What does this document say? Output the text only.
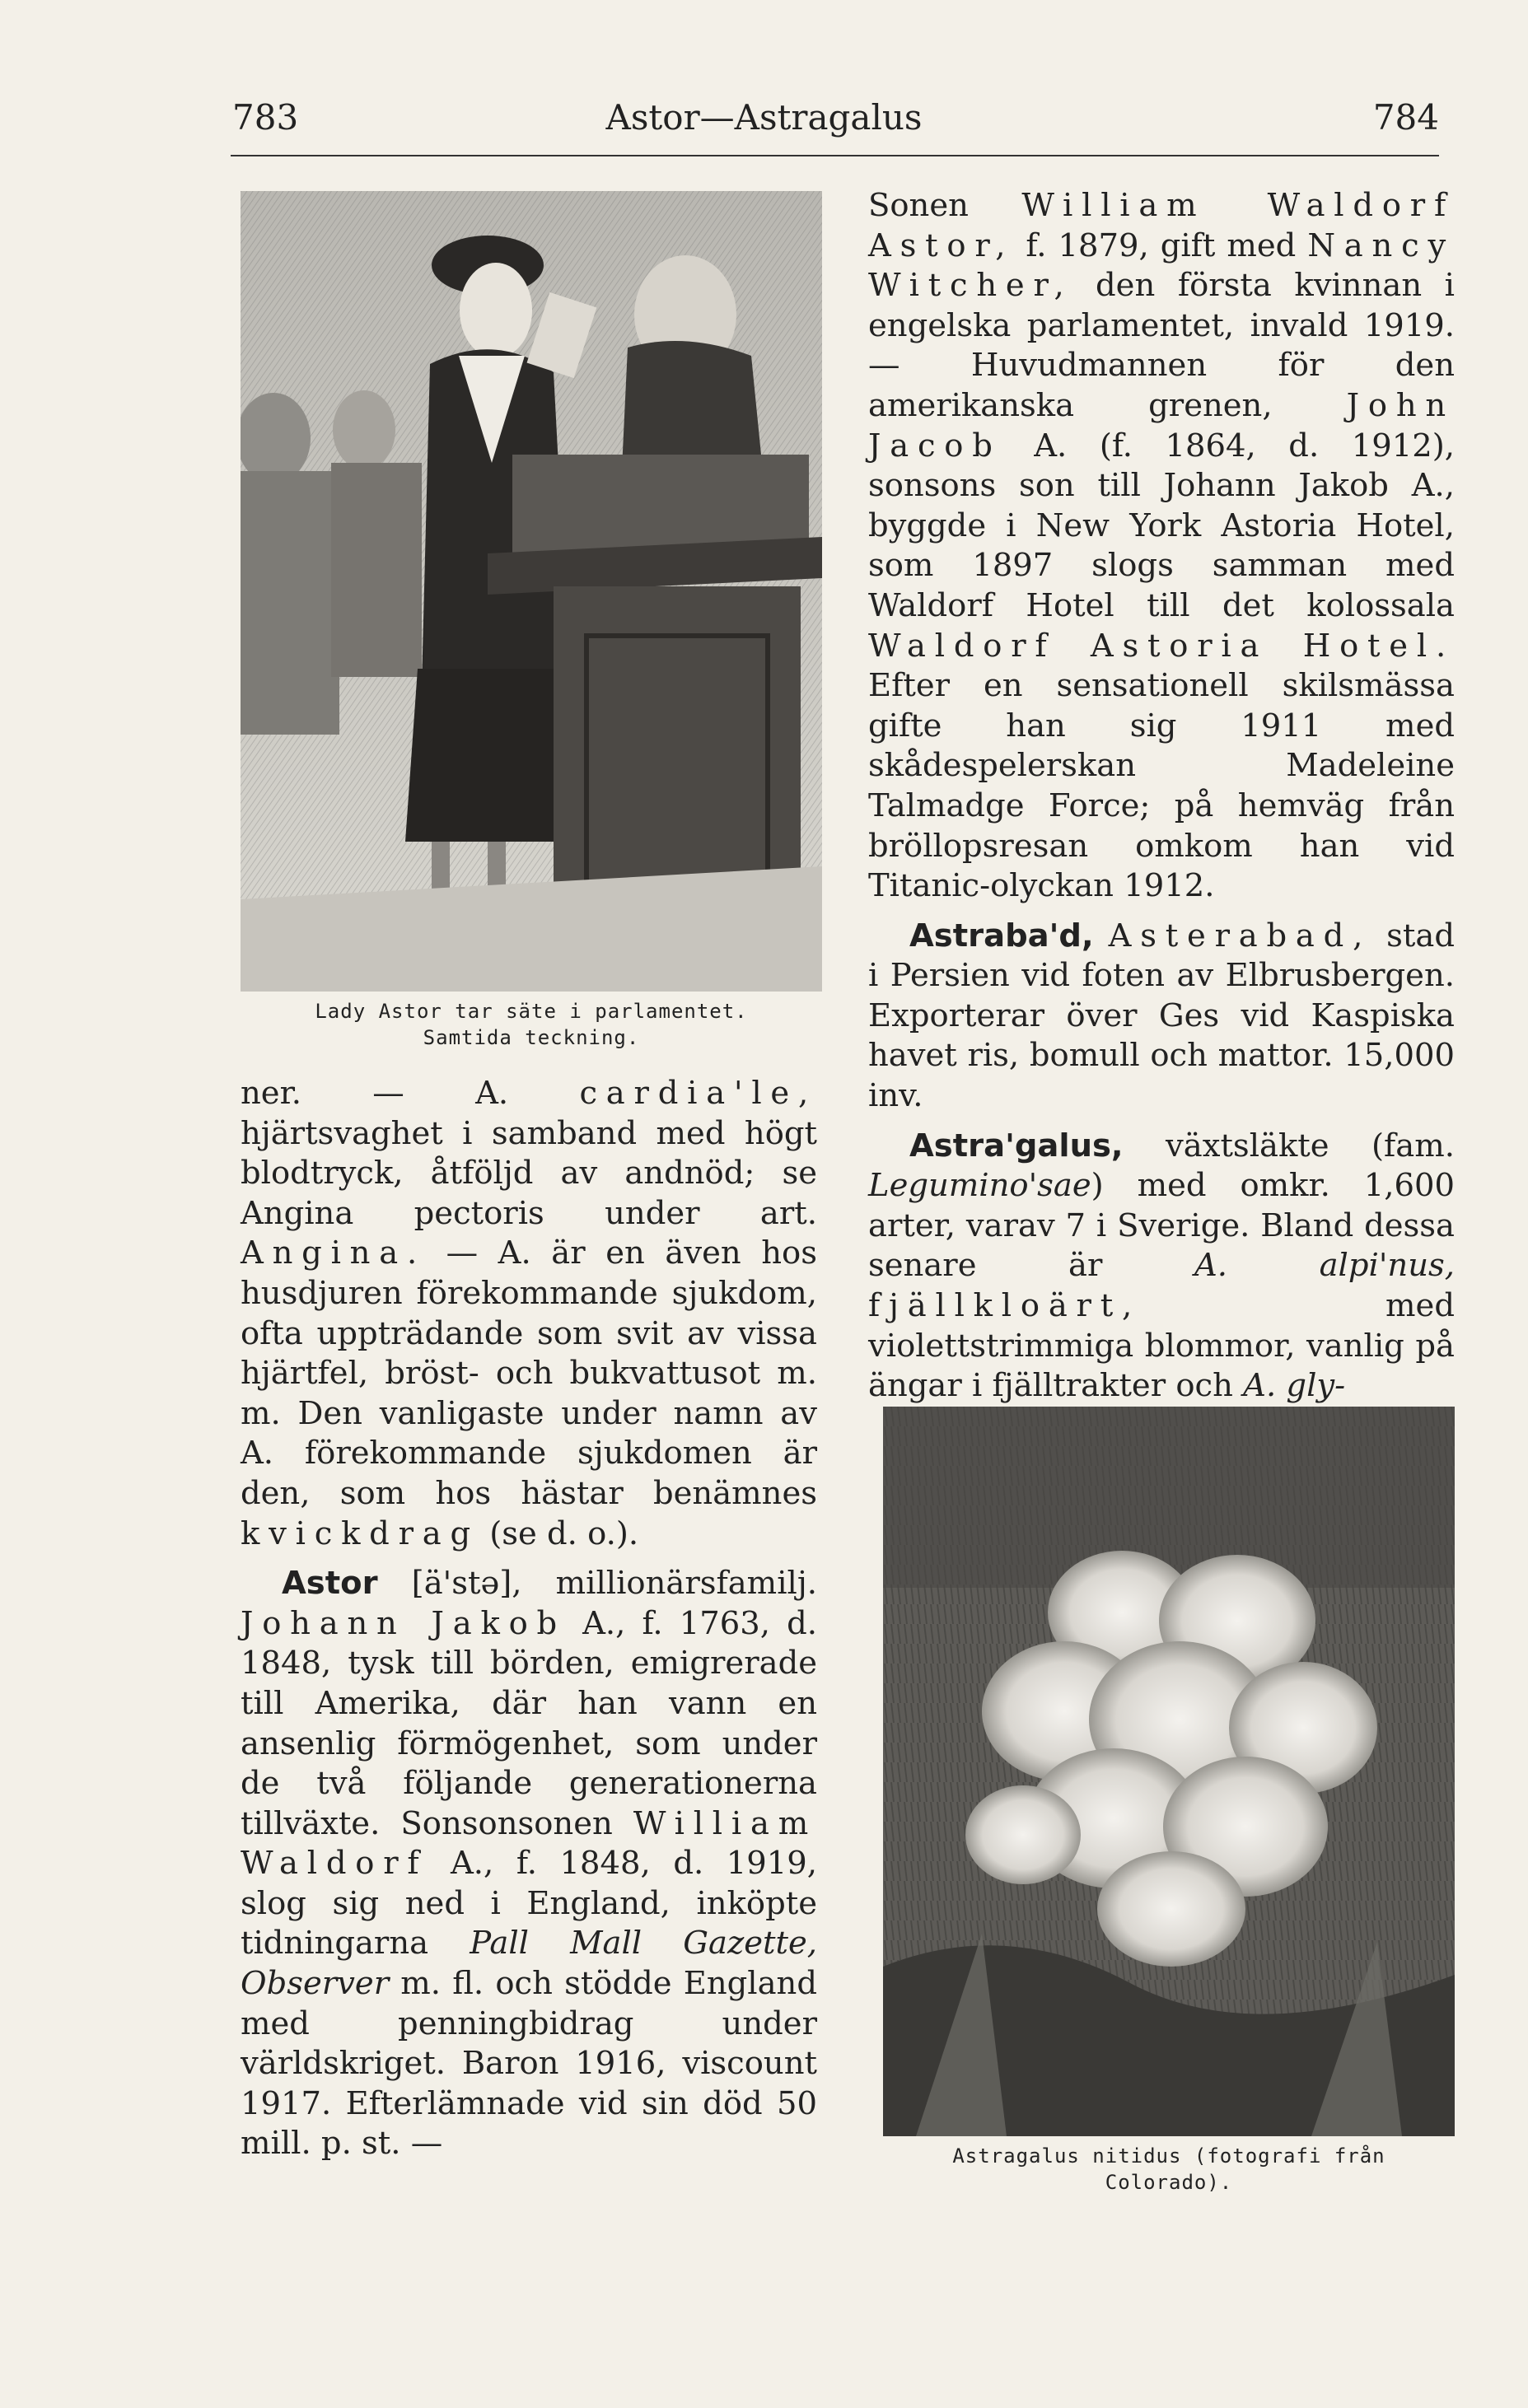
783	Astor—Astragalus	784
Lady Astor tar säte i parlamentet.
Samtida teckning.

ner. — A. cardia'le, hjärtsvaghet i samband med högt blodtryck, åtföljd av andnöd; se Angina pectoris under art. Angina. — A. är en även hos husdjuren förekommande sjukdom, ofta uppträdande som svit av vissa hjärtfel, bröst- och bukvattusot m. m. Den vanligaste under namn av A. förekommande sjukdomen är den, som hos hästar benämnes kvickdrag (se d. o.).

Astor [ä'stə], millionärsfamilj. Johann Jakob A., f. 1763, d. 1848, tysk till börden, emigrerade till Amerika, där han vann en ansenlig förmögenhet, som under de två följande generationerna tillväxte. Sonsonsonen William Waldorf A., f. 1848, d. 1919, slog sig ned i England, inköpte tidningarna Pall Mall Gazette, Observer m. fl. och stödde England med penningbidrag under världskriget. Baron 1916, viscount 1917. Efterlämnade vid sin död 50 mill. p. st. —

Sonen William Waldorf Astor, f. 1879, gift med Nancy Witcher, den första kvinnan i engelska parlamentet, invald 1919. — Huvudmannen för den amerikanska grenen, John Jacob A. (f. 1864, d. 1912), sonsons son till Johann Jakob A., byggde i New York Astoria Hotel, som 1897 slogs samman med Waldorf Hotel till det kolossala Waldorf Astoria Hotel. Efter en sensationell skilsmässa gifte han sig 1911 med skådespelerskan Madeleine Talmadge Force; på hemväg från bröllopsresan omkom han vid Titanic-olyckan 1912.

Astraba'd, Asterabad, stad i Persien vid foten av Elbrusbergen. Exporterar över Ges vid Kaspiska havet ris, bomull och mattor. 15,000 inv.

Astra'galus, växtsläkte (fam. Legumino'sae) med omkr. 1,600 arter, varav 7 i Sverige. Bland dessa senare är A. alpi'nus, fjällkloärt, med violettstrimmiga blommor, vanlig på ängar i fjälltrakter och A. gly-

Astragalus nitidus (fotografi från
Colorado).
